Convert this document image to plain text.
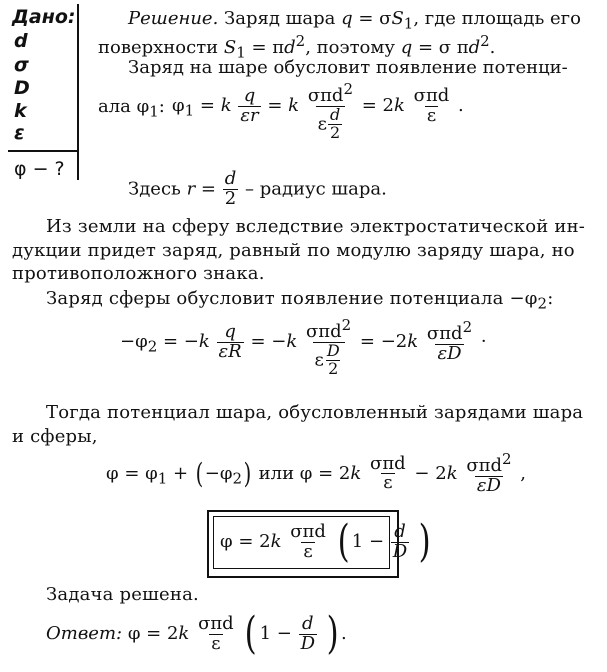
Дано:
d
σ
D
k
ε
φ − ?
Решение. Заряд шара $q = \sigma S_1$, где площадь его
поверхности $S_1 = \pi d^2$, поэтому q = σ $\pi d^2$.
Заряд на шаре обусловит появление потенци-
ала $\varphi_1$: $\varphi_1 = k \frac{q}{\varepsilon r} = k \frac{\sigma\pi d^2}{\varepsilon \frac{d}{2}} = 2k \frac{\text{σπd}}{\varepsilon}$ .
Здесь $r = \frac{d}{2}$ – радиус шара.
Из земли на сферу вследствие электростатической ин-
дукции придет заряд, равный по модулю заряду шара, но
противоположного знака.
Заряд сферы обусловит появление потенциала $-\varphi_2$:
$-\varphi_2 = -k \frac{q}{\varepsilon R} = -k \frac{\sigma\pi d^2}{\varepsilon \frac{D}{2}} = -2k \frac{\sigma\pi d^2}{\varepsilon D}$ ·
Тогда потенциал шара, обусловленный зарядами шара
и сферы,
$\varphi = \varphi_1 + (-\varphi_2)$ или $\varphi = 2k \frac{\text{σπd}}{\varepsilon} - 2k \frac{\sigma\pi d^2}{\varepsilon D}$ ,
$\varphi = 2k \frac{\text{σπd}}{\varepsilon}$ ( $1 - \frac{d}{D}$ )
Задача решена.
Ответ: $\varphi = 2k \frac{\text{σπd}}{\varepsilon}$ ( $1 - \frac{d}{D}$ ) .
